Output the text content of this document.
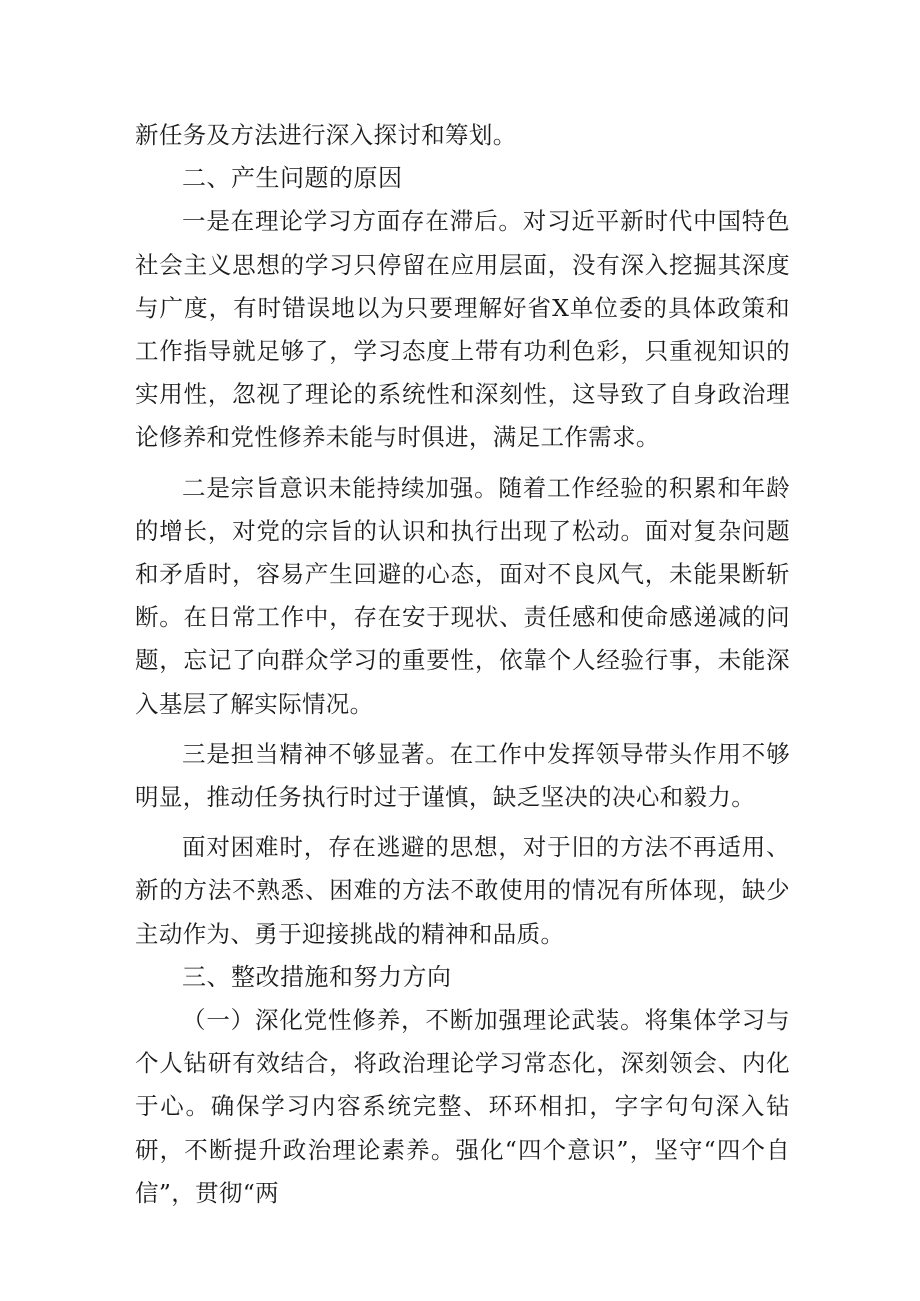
新任务及方法进行深入探讨和筹划。

二、产生问题的原因

一是在理论学习方面存在滞后。对习近平新时代中国特色社会主义思想的学习只停留在应用层面，没有深入挖掘其深度与广度，有时错误地以为只要理解好省X单位委的具体政策和工作指导就足够了，学习态度上带有功利色彩，只重视知识的实用性，忽视了理论的系统性和深刻性，这导致了自身政治理论修养和党性修养未能与时俱进，满足工作需求。

二是宗旨意识未能持续加强。随着工作经验的积累和年龄的增长，对党的宗旨的认识和执行出现了松动。面对复杂问题和矛盾时，容易产生回避的心态，面对不良风气，未能果断斩断。在日常工作中，存在安于现状、责任感和使命感递减的问题，忘记了向群众学习的重要性，依靠个人经验行事，未能深入基层了解实际情况。

三是担当精神不够显著。在工作中发挥领导带头作用不够明显，推动任务执行时过于谨慎，缺乏坚决的决心和毅力。

面对困难时，存在逃避的思想，对于旧的方法不再适用、新的方法不熟悉、困难的方法不敢使用的情况有所体现，缺少主动作为、勇于迎接挑战的精神和品质。

三、整改措施和努力方向

（一）深化党性修养，不断加强理论武装。将集体学习与个人钻研有效结合，将政治理论学习常态化，深刻领会、内化于心。确保学习内容系统完整、环环相扣，字字句句深入钻研，不断提升政治理论素养。强化“四个意识”，坚守“四个自信”，贯彻“两
